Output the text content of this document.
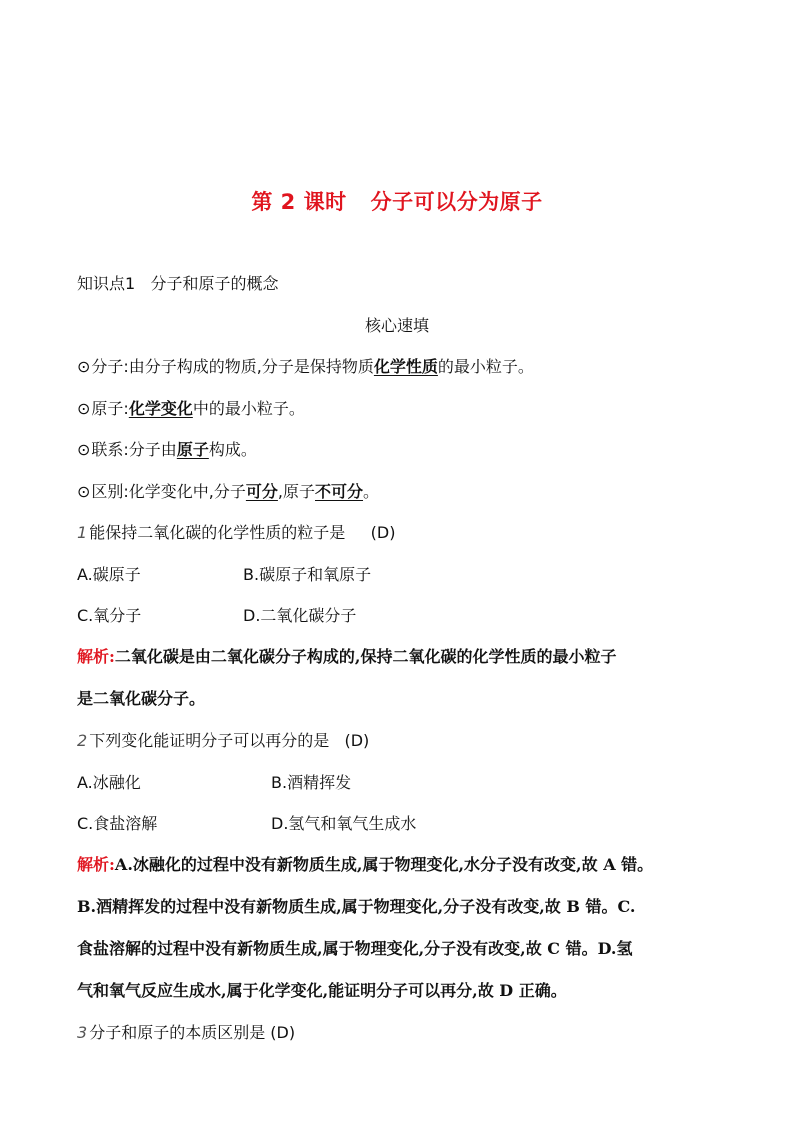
第 2 课时 分子可以分为原子
知识点1 分子和原子的概念
核心速填
⊙分子:由分子构成的物质,分子是保持物质化学性质的最小粒子。
⊙原子:化学变化中的最小粒子。
⊙联系:分子由原子构成。
⊙区别:化学变化中,分子可分,原子不可分。
1 能保持二氧化碳的化学性质的粒子是 (D)
A.碳原子	B.碳原子和氧原子
C.氧分子	D.二氧化碳分子
解析:二氧化碳是由二氧化碳分子构成的,保持二氧化碳的化学性质的最小粒子
是二氧化碳分子。
2 下列变化能证明分子可以再分的是 (D)
A.冰融化	B.酒精挥发
C.食盐溶解	D.氢气和氧气生成水
解析:A.冰融化的过程中没有新物质生成,属于物理变化,水分子没有改变,故 A 错。
B.酒精挥发的过程中没有新物质生成,属于物理变化,分子没有改变,故 B 错。C.
食盐溶解的过程中没有新物质生成,属于物理变化,分子没有改变,故 C 错。D.氢
气和氧气反应生成水,属于化学变化,能证明分子可以再分,故 D 正确。
3 分子和原子的本质区别是 (D)
